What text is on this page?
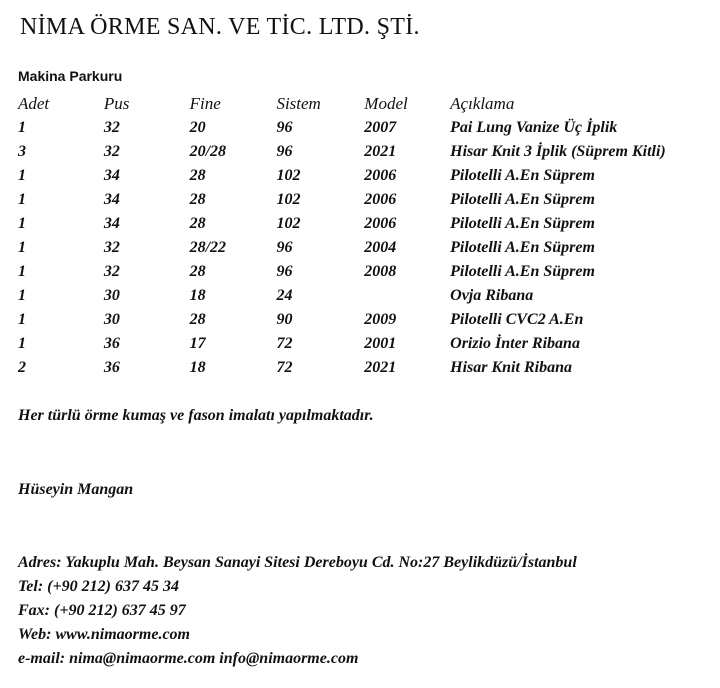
NİMA ÖRME SAN. VE TİC. LTD. ŞTİ.
Makina Parkuru
Adet	Pus	Fine	Sistem	Model	Açıklama
1	32	20	96	2007	Pai Lung Vanize Üç İplik
3	32	20/28	96	2021	Hisar Knit 3 İplik (Süprem Kitli)
1	34	28	102	2006	Pilotelli A.En Süprem
1	34	28	102	2006	Pilotelli A.En Süprem
1	34	28	102	2006	Pilotelli A.En Süprem
1	32	28/22	96	2004	Pilotelli A.En Süprem
1	32	28	96	2008	Pilotelli A.En Süprem
1	30	18	24		Ovja Ribana
1	30	28	90	2009	Pilotelli CVC2 A.En
1	36	17	72	2001	Orizio İnter Ribana
2	36	18	72	2021	Hisar Knit Ribana
Her türlü örme kumaş ve fason imalatı yapılmaktadır.
Hüseyin Mangan
Adres: Yakuplu Mah. Beysan Sanayi Sitesi Dereboyu Cd. No:27 Beylikdüzü/İstanbul
Tel: (+90 212) 637 45 34
Fax: (+90 212) 637 45 97
Web: www.nimaorme.com
e-mail: nima@nimaorme.com info@nimaorme.com
